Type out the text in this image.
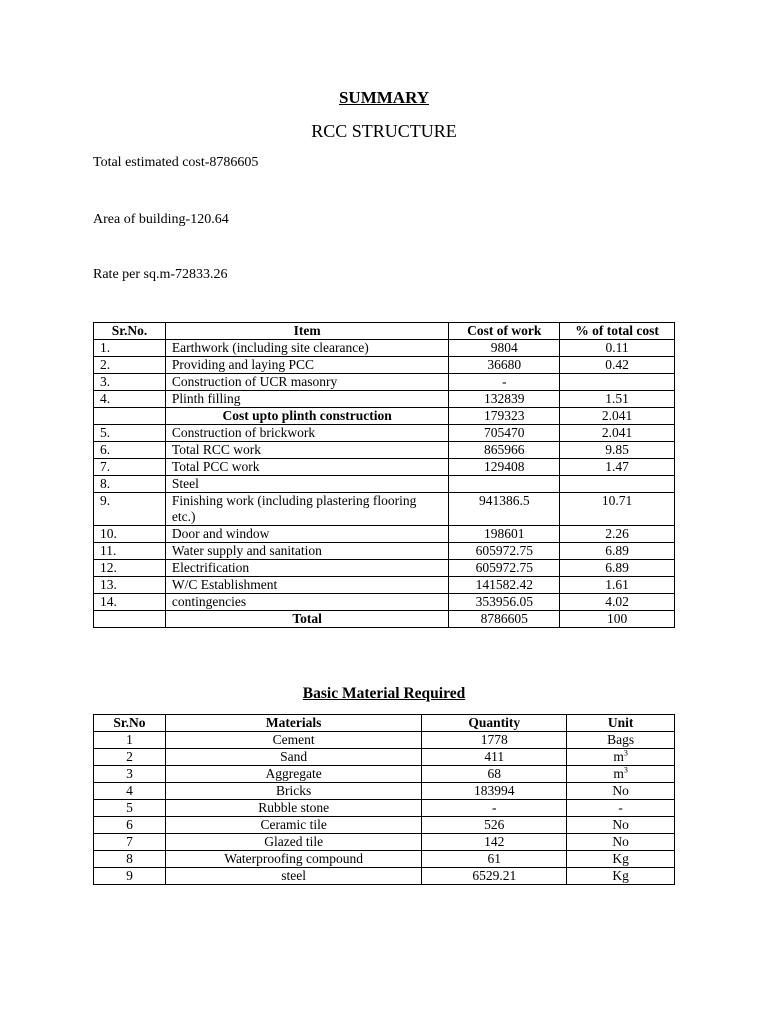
SUMMARY
RCC STRUCTURE
Total estimated cost-8786605
Area of building-120.64
Rate per sq.m-72833.26
Sr.No.	Item	Cost of work	% of total cost
1.	Earthwork (including site clearance)	9804	0.11
2.	Providing and laying PCC	36680	0.42
3.	Construction of UCR masonry	-	
4.	Plinth filling	132839	1.51
	Cost upto plinth construction	179323	2.041
5.	Construction of brickwork	705470	2.041
6.	Total RCC work	865966	9.85
7.	Total PCC work	129408	1.47
8.	Steel		
9.	Finishing work (including plastering flooring etc.)	941386.5	10.71
10.	Door and window	198601	2.26
11.	Water supply and sanitation	605972.75	6.89
12.	Electrification	605972.75	6.89
13.	W/C Establishment	141582.42	1.61
14.	contingencies	353956.05	4.02
	Total	8786605	100
Basic Material Required
Sr.No	Materials	Quantity	Unit
1	Cement	1778	Bags
2	Sand	411	$m^3$
3	Aggregate	68	$m^3$
4	Bricks	183994	No
5	Rubble stone	-	-
6	Ceramic tile	526	No
7	Glazed tile	142	No
8	Waterproofing compound	61	Kg
9	steel	6529.21	Kg
